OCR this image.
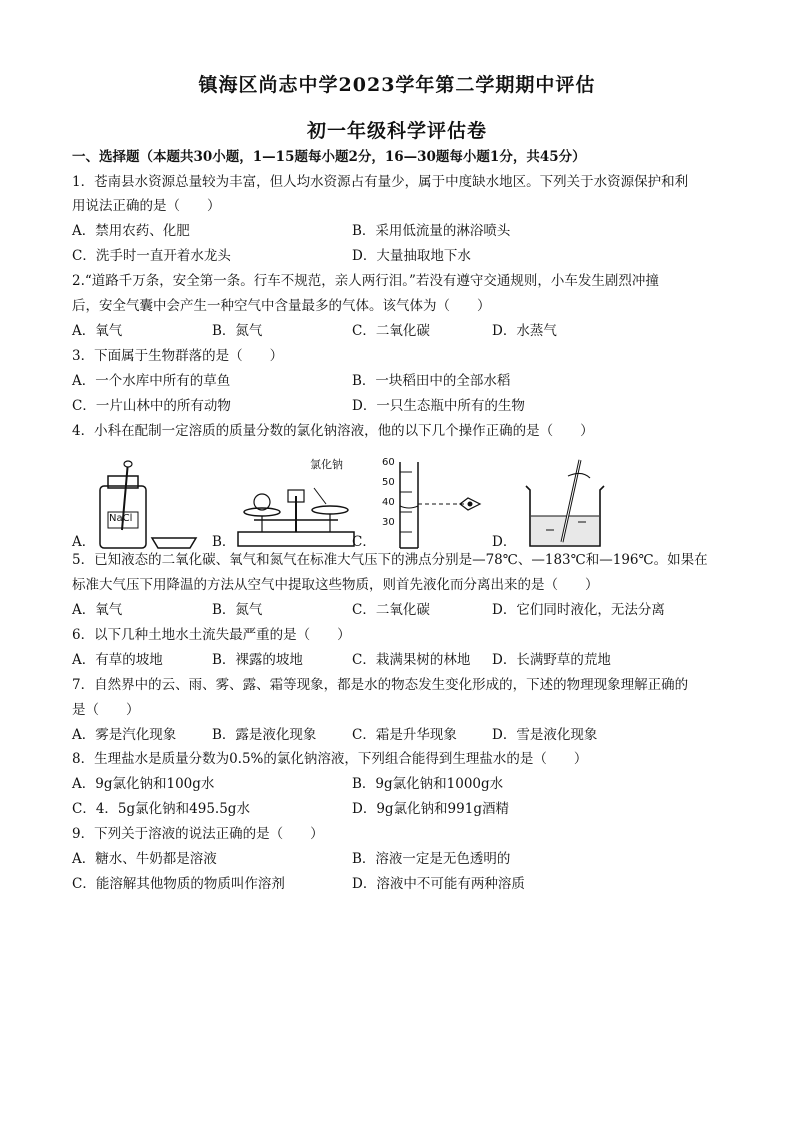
镇海区尚志中学2023学年第二学期期中评估
初一年级科学评估卷
一、选择题（本题共30小题，1—15题每小题2分，16—30题每小题1分，共45分）
1．苍南县水资源总量较为丰富，但人均水资源占有量少，属于中度缺水地区。下列关于水资源保护和利
用说法正确的是（　　）
A．禁用农药、化肥	B．采用低流量的淋浴喷头
C．洗手时一直开着水龙头	D．大量抽取地下水
2.“道路千万条，安全第一条。行车不规范，亲人两行泪。”若没有遵守交通规则，小车发生剧烈冲撞
后，安全气囊中会产生一种空气中含量最多的气体。该气体为（　　）
A．氧气	B．氮气	C．二氧化碳	D．水蒸气
3．下面属于生物群落的是（　　）
A．一个水库中所有的草鱼	B．一块稻田中的全部水稻
C．一片山林中的所有动物	D．一只生态瓶中所有的生物
4．小科在配制一定溶质的质量分数的氯化钠溶液，他的以下几个操作正确的是（　　）
A．
NaCl
B．
氯化钠
C．
60
50
40
30
D．
5．已知液态的二氧化碳、氧气和氮气在标准大气压下的沸点分别是—78℃、—183℃和—196℃。如果在
标准大气压下用降温的方法从空气中提取这些物质，则首先液化而分离出来的是（　　）
A．氧气	B．氮气	C．二氧化碳	D．它们同时液化，无法分离
6．以下几种土地水土流失最严重的是（　　）
A．有草的坡地	B．裸露的坡地	C．栽满果树的林地 D．长满野草的荒地
7．自然界中的云、雨、雾、露、霜等现象，都是水的物态发生变化形成的，下述的物理现象理解正确的
是（　　）
A．雾是汽化现象	B．露是液化现象	C．霜是升华现象	D．雪是液化现象
8．生理盐水是质量分数为0.5%的氯化钠溶液，下列组合能得到生理盐水的是（　　）
A．9g氯化钠和100g水	B．9g氯化钠和1000g水
C．4．5g氯化钠和495.5g水	D．9g氯化钠和991g酒精
9．下列关于溶液的说法正确的是（　　）
A．糖水、牛奶都是溶液	B．溶液一定是无色透明的
C．能溶解其他物质的物质叫作溶剂	D．溶液中不可能有两种溶质
